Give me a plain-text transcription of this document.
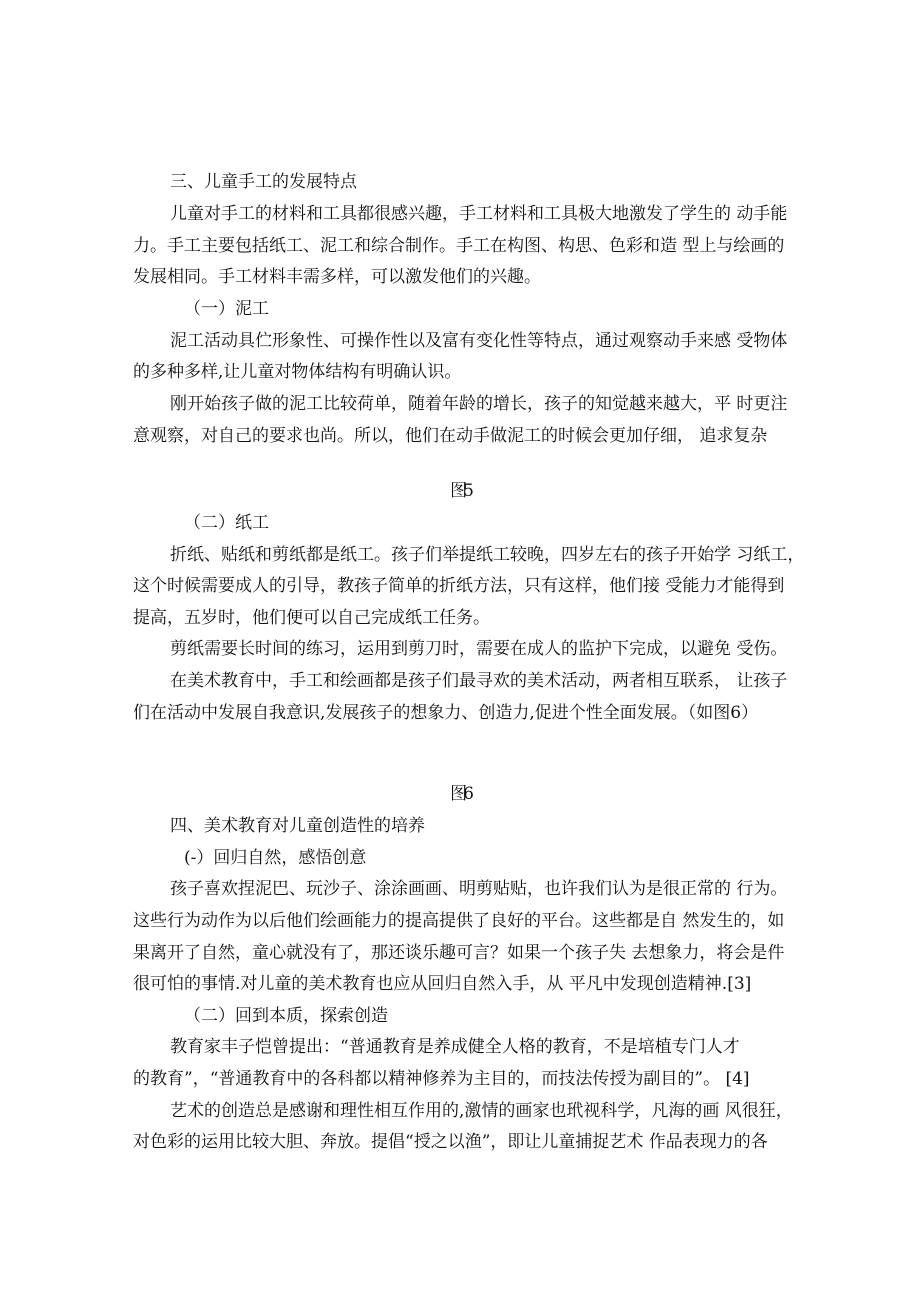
三、儿童手工的发展特点
儿童对手工的材料和工具都很感兴趣，手工材料和工具极大地激发了学生的 动手能
力。手工主要包括纸工、泥工和综合制作。手工在构图、构思、色彩和造 型上与绘画的
发展相同。手工材料丰需多样，可以激发他们的兴趣。
（一）泥工
泥工活动具伫形象性、可操作性以及富有变化性等特点，通过观察动手来感 受物体
的多种多样,让儿童对物体结构有明确认识。
刚开始孩子做的泥工比较荷单，随着年龄的增长，孩子的知觉越来越大，平 时更注
意观察，对自己的要求也尚。所以，他们在动手做泥工的时候会更加仔细， 追求复杂
图5
（二）纸工
折纸、贴纸和剪纸都是纸工。孩子们举提纸工较晚，四岁左右的孩子开始学 习纸工，
这个时候需要成人的引导，教孩子简单的折纸方法，只有这样，他们接 受能力才能得到
提高，五岁时，他们便可以自己完成纸工任务。
剪纸需要长时间的练习，运用到剪刀时，需要在成人的监护下完成，以避免 受伤。
在美术教育中，手工和绘画都是孩子们最寻欢的美术活动，两者相互联系， 让孩子
们在活动中发展自我意识,发展孩子的想象力、创造力,促进个性全面发展。（如图6）
图6
四、美术教育对儿童创造性的培养
(-）回归自然，感悟创意
孩子喜欢捏泥巴、玩沙子、涂涂画画、明剪贴贴，也许我们认为是很正常的 行为。
这些行为动作为以后他们绘画能力的提高提供了良好的平台。这些都是自 然发生的，如
果离开了自然，童心就没有了，那还谈乐趣可言？如果一个孩子失 去想象力，将会是件
很可怕的事情.对儿童的美术教育也应从回归自然入手，从 平凡中发现创造精神.[3]
（二）回到本质，探索创造
教育家丰子恺曾提出：“普通教育是养成健全人格的教育，不是培植专门人才
的教育”，“普通教育中的各科都以精神修养为主目的，而技法传授为副目的”。 [4]
艺术的创造总是感谢和理性相互作用的,激情的画家也玳视科学，凡海的画 风很狂，
对色彩的运用比较大胆、奔放。提倡“授之以渔”，即让儿童捕捉艺术 作品表现力的各
